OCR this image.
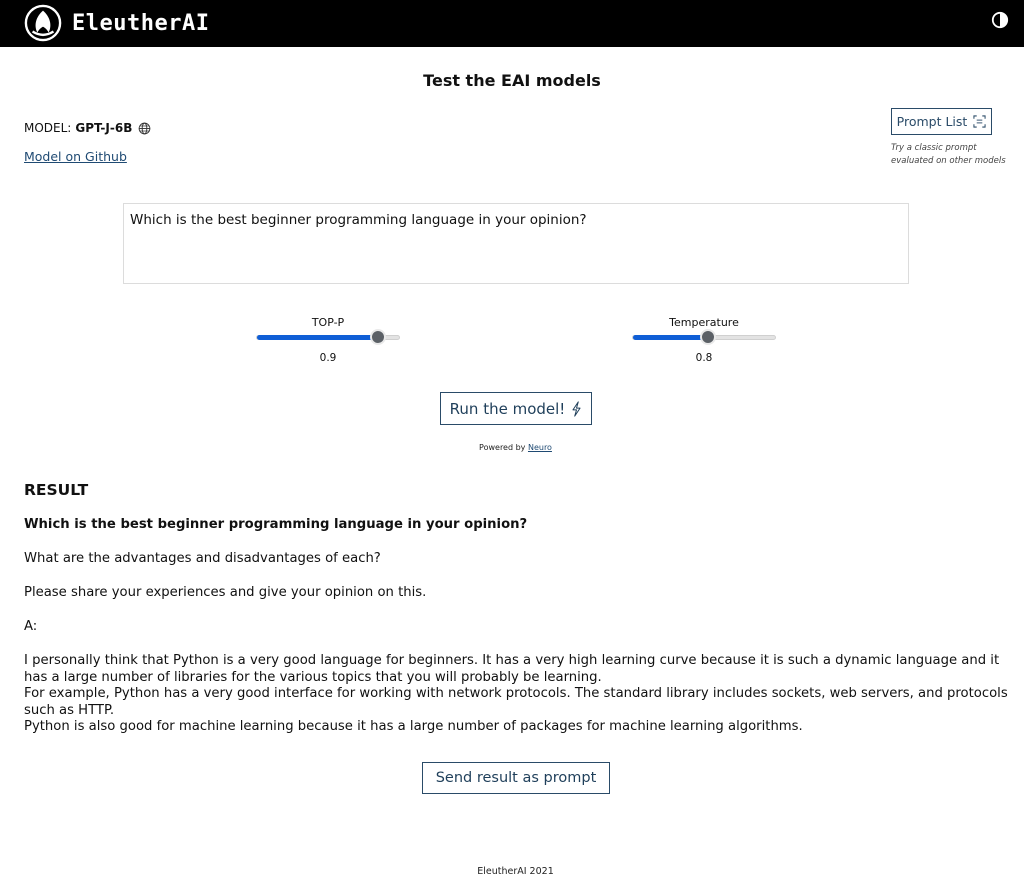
EleutherAI
Test the EAI models
MODEL: GPT-J-6B
Model on Github
Prompt List
Try a classic prompt evaluated on other models
Which is the best beginner programming language in your opinion?
TOP-P
0.9
Temperature
0.8
Run the model!
Powered by Neuro
RESULT

Which is the best beginner programming language in your opinion?

What are the advantages and disadvantages of each?

Please share your experiences and give your opinion on this.

A:

I personally think that Python is a very good language for beginners. It has a very high learning curve because it is such a dynamic language and it has a large number of libraries for the various topics that you will probably be learning.

For example, Python has a very good interface for working with network protocols. The standard library includes sockets, web servers, and protocols such as HTTP.

Python is also good for machine learning because it has a large number of packages for machine learning algorithms.

Send result as prompt
EleutherAI 2021
